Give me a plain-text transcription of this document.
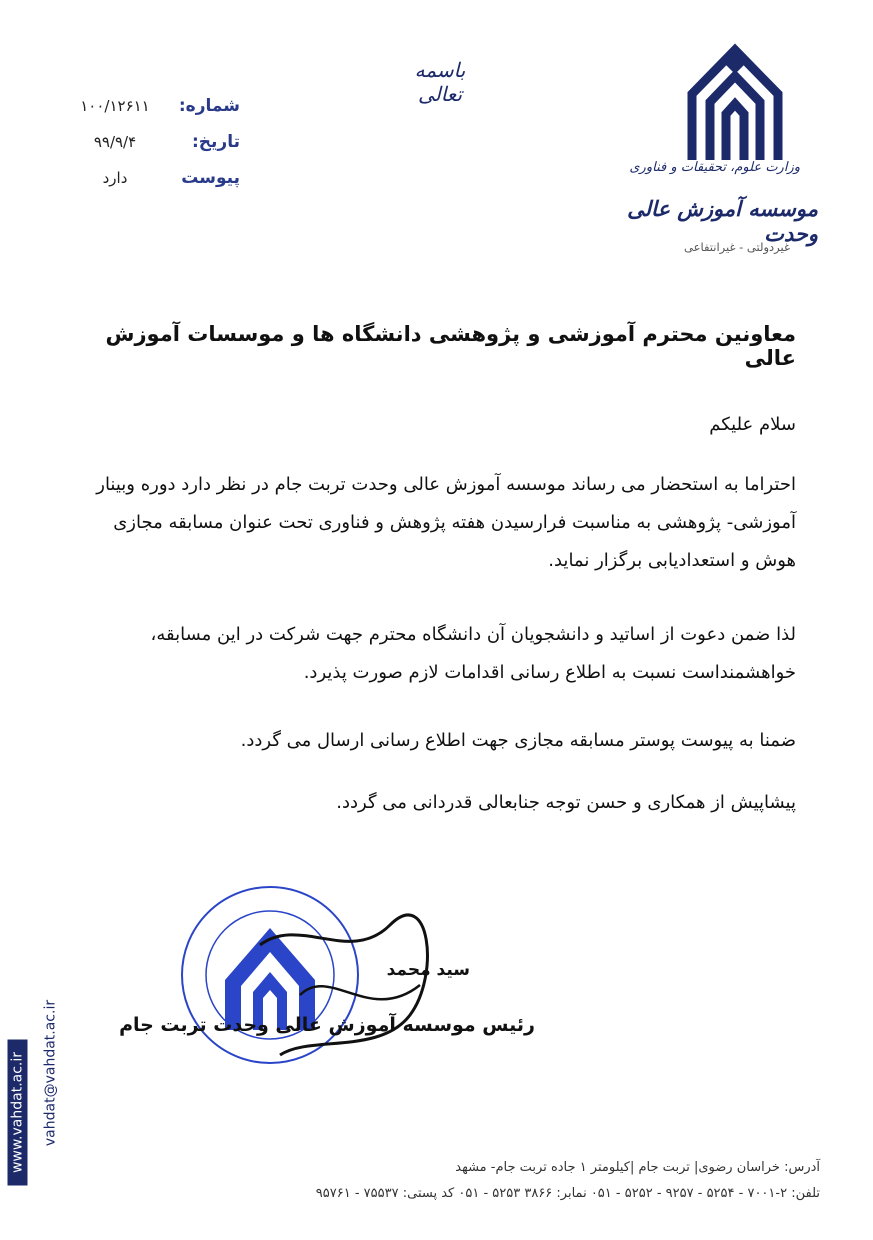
باسمه تعالی
شماره:
۱۰۰/۱۲۶۱۱
تاریخ:
۹۹/۹/۴
پیوست
دارد
وزارت علوم، تحقیقات و فناوری
موسسه آموزش عالی وحدت
غیردولتی - غیرانتفاعی
معاونین محترم آموزشی و پژوهشی دانشگاه ها و موسسات آموزش عالی
سلام علیکم
احتراما به استحضار می رساند موسسه آموزش عالی وحدت تربت جام در نظر دارد دوره وبینار آموزشی- پژوهشی به مناسبت فرارسیدن هفته پژوهش و فناوری تحت عنوان مسابقه مجازی هوش و استعدادیابی برگزار نماید.
لذا ضمن دعوت از اساتید و دانشجویان آن دانشگاه محترم جهت شرکت در این مسابقه، خواهشمنداست نسبت به اطلاع رسانی اقدامات لازم صورت پذیرد.
ضمنا به پیوست پوستر مسابقه مجازی جهت اطلاع رسانی ارسال می گردد.
پیشاپیش از همکاری و حسن توجه جنابعالی قدردانی می گردد.
سید محمد
رئیس موسسه آموزش عالی وحدت تربت جام
www.vahdat.ac.ir vahdat@vahdat.ac.ir
آدرس: خراسان رضوی| تربت جام |کیلومتر ۱ جاده تربت جام- مشهد
تلفن: ۲-۷۰۰۱ - ۵۲۵۴ - ۹۲۵۷ - ۵۲۵۲ - ۰۵۱ نمابر: ۳۸۶۶ ۵۲۵۳ - ۰۵۱ کد پستی: ۷۵۵۳۷ - ۹۵۷۶۱
